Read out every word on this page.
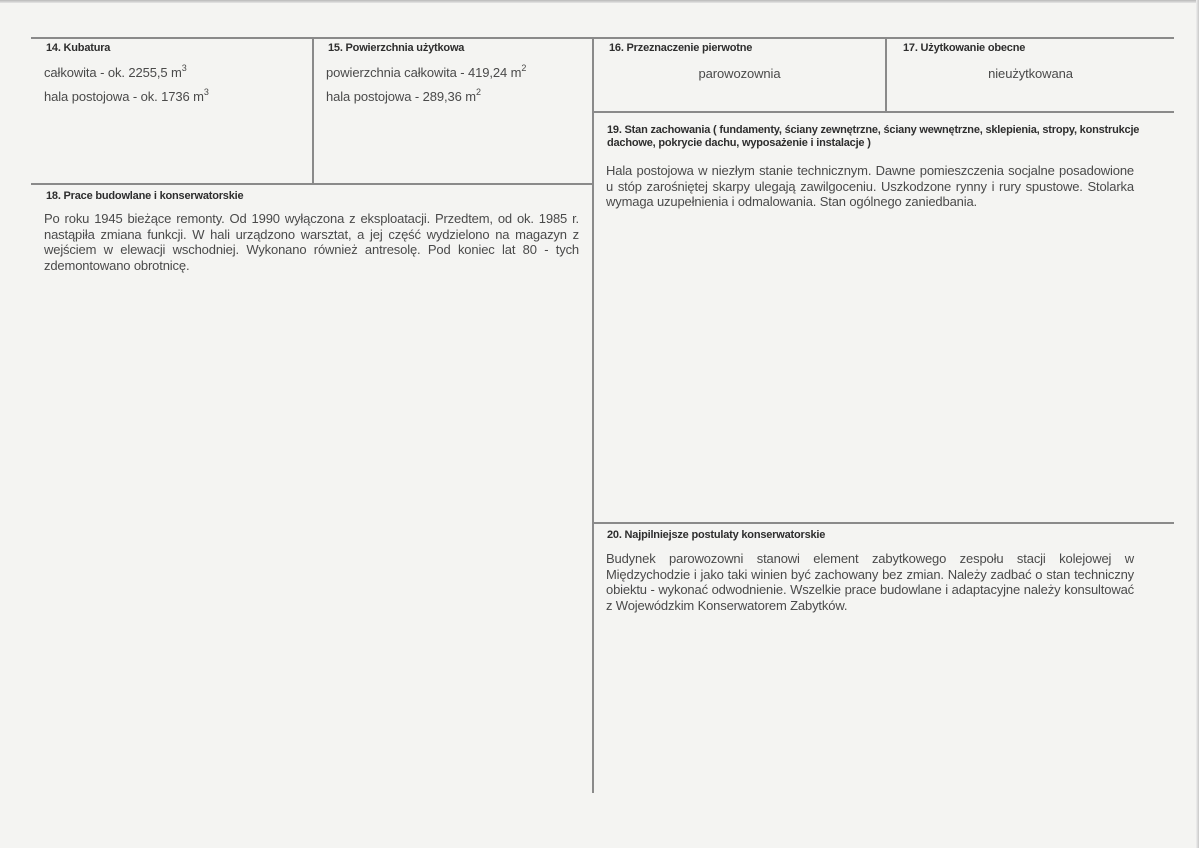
14. Kubatura
całkowita - ok. 2255,5 $m^3$
hala postojowa - ok. 1736 $m^3$
15. Powierzchnia użytkowa
powierzchnia całkowita - 419,24 $m^2$
hala postojowa - 289,36 $m^2$
16. Przeznaczenie pierwotne
parowozownia
17. Użytkowanie obecne
nieużytkowana
18. Prace budowlane i konserwatorskie
Po roku 1945 bieżące remonty. Od 1990 wyłączona z eksploatacji. Przedtem, od ok. 1985 r. nastąpiła zmiana funkcji. W hali urządzono warsztat, a jej część wydzielono na magazyn z wejściem w elewacji wschodniej. Wykonano również antresolę. Pod koniec lat 80 - tych zdemontowano obrotnicę.
19. Stan zachowania ( fundamenty, ściany zewnętrzne, ściany wewnętrzne, sklepienia, stropy, konstrukcje dachowe, pokrycie dachu, wyposażenie i instalacje )
Hala postojowa w niezłym stanie technicznym. Dawne pomieszczenia socjalne posadowione u stóp zarośniętej skarpy ulegają zawilgoceniu. Uszkodzone rynny i rury spustowe. Stolarka wymaga uzupełnienia i odmalowania. Stan ogólnego zaniedbania.
20. Najpilniejsze postulaty konserwatorskie
Budynek parowozowni stanowi element zabytkowego zespołu stacji kolejowej w Międzychodzie i jako taki winien być zachowany bez zmian. Należy zadbać o stan techniczny obiektu - wykonać odwodnienie. Wszelkie prace budowlane i adaptacyjne należy konsultować z Wojewódzkim Konserwatorem Zabytków.
